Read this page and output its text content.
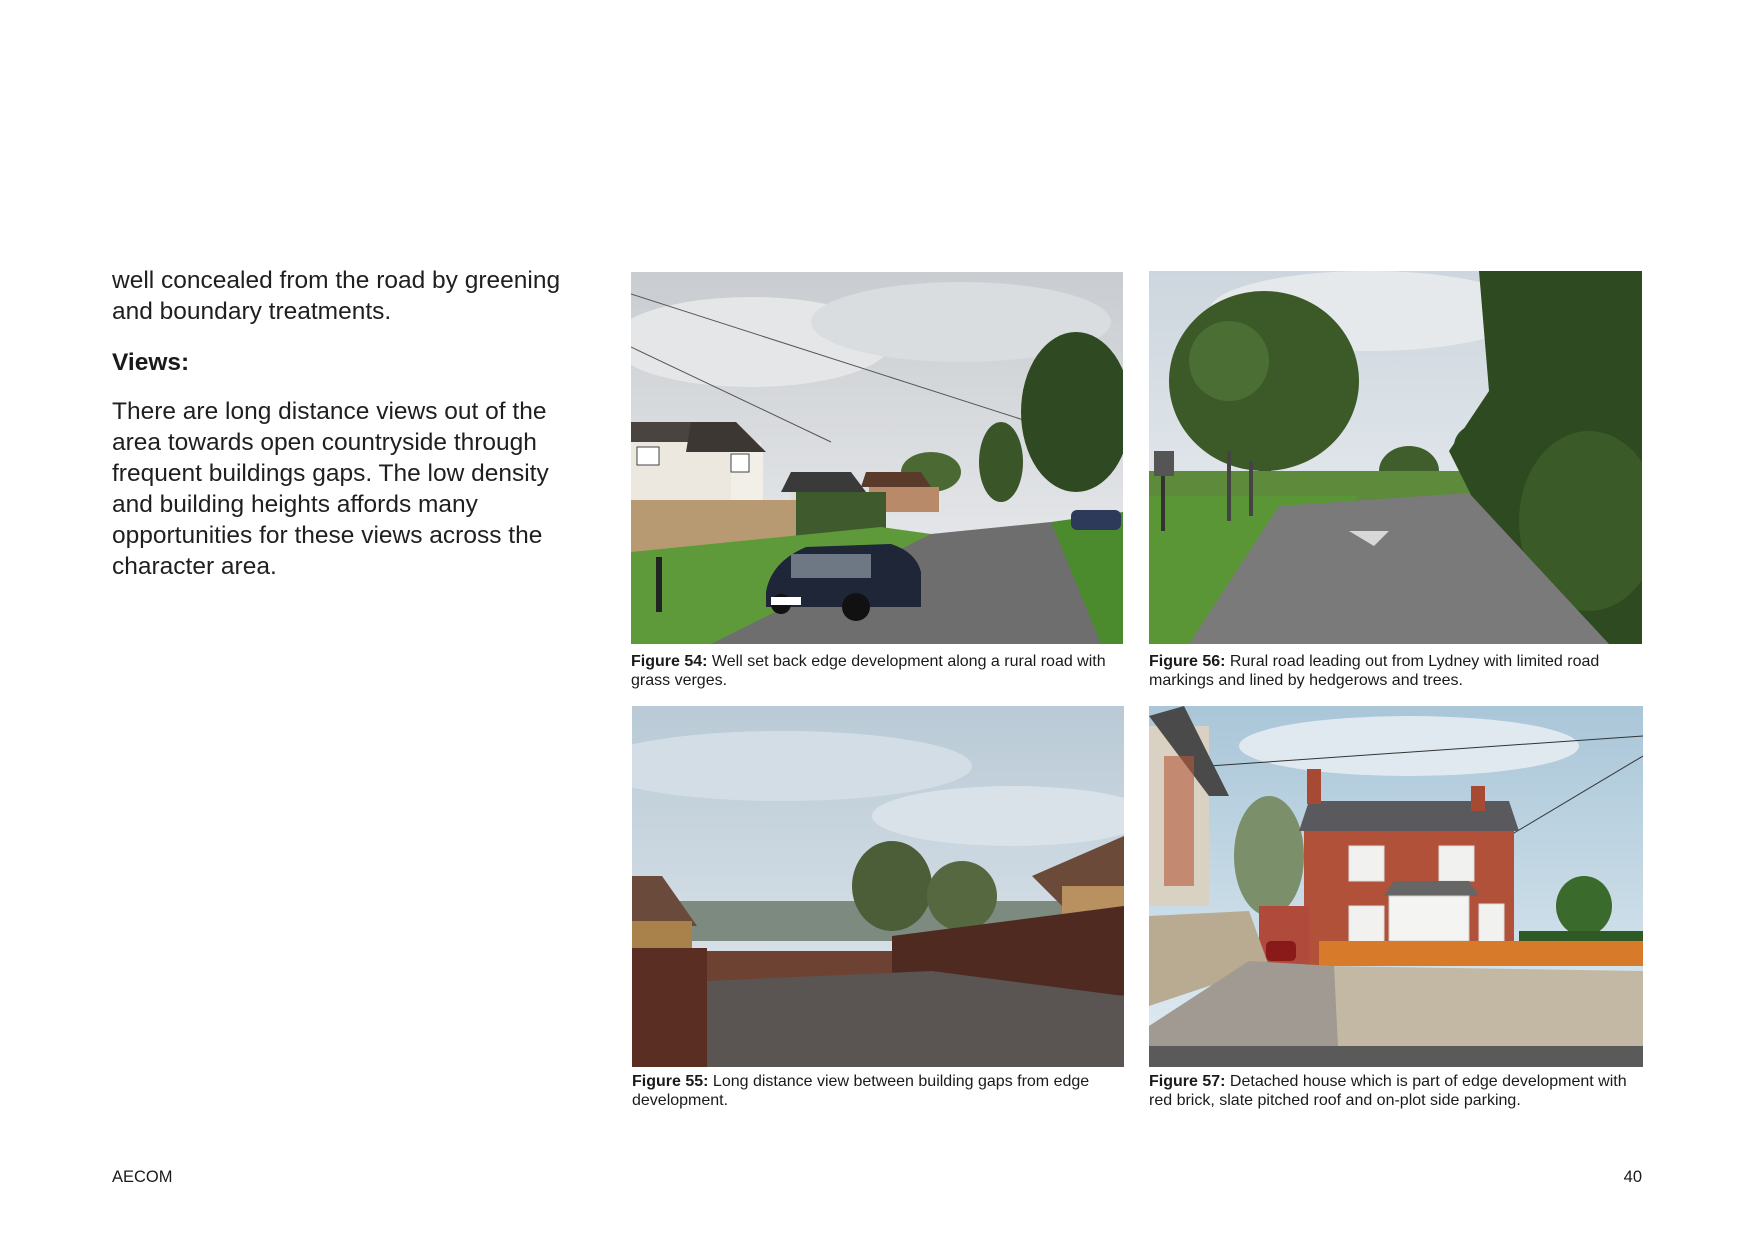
well concealed from the road by greening and boundary treatments.

Views:

There are long distance views out of the area towards open countryside through frequent buildings gaps. The low density and building heights affords many opportunities for these views across the character area.

Figure 54: Well set back edge development along a rural road with grass verges.
Figure 56: Rural road leading out from Lydney with limited road markings and lined by hedgerows and trees.
Figure 55: Long distance view between building gaps from edge development.
Figure 57: Detached house which is part of edge development with red brick, slate pitched roof and on-plot side parking.
AECOM	40
